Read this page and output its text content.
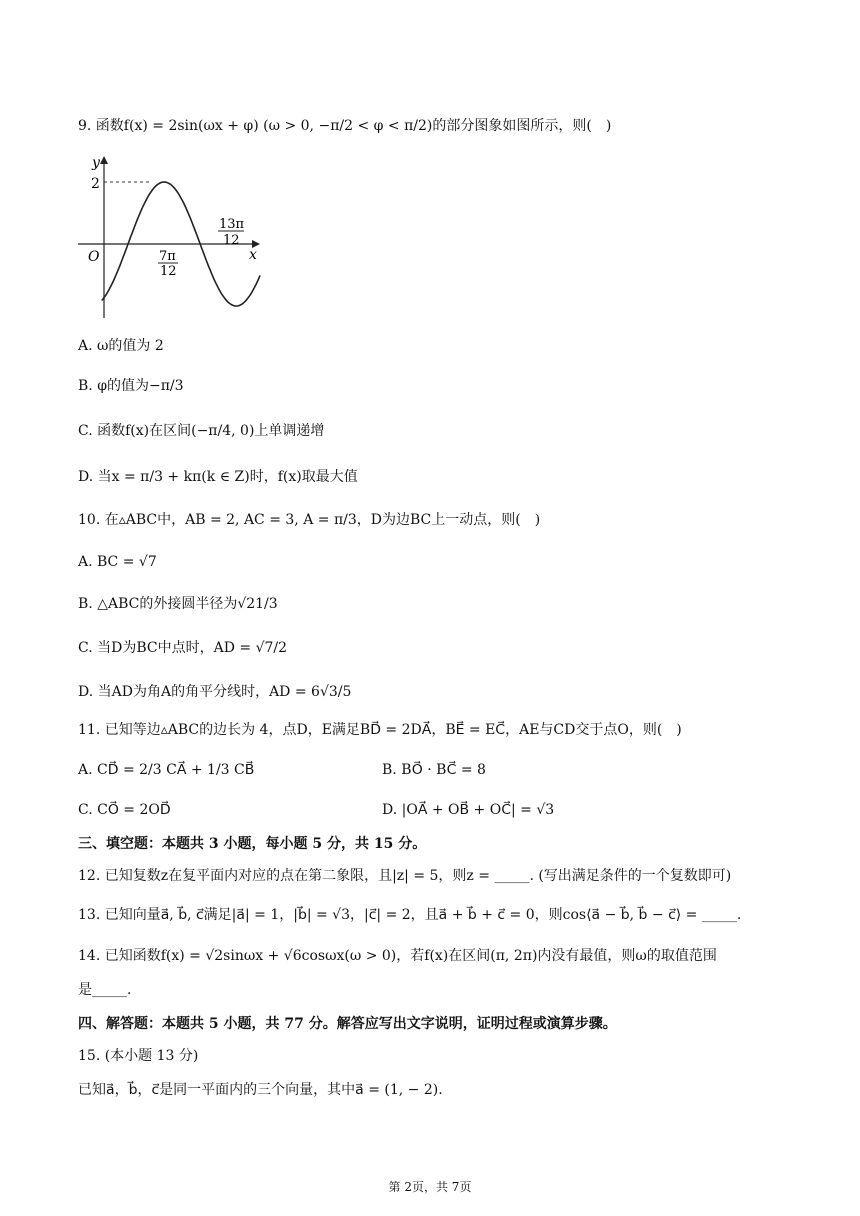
9. 函数f(x) = 2sin(ωx + φ) (ω > 0, −π/2 < φ < π/2)的部分图象如图所示，则(　)
y
2
O	x
7π
12
13π
12
A. ω的值为 2
B. φ的值为−π/3
C. 函数f(x)在区间(−π/4, 0)上单调递增
D. 当x = π/3 + kπ(k ∈ Z)时，f(x)取最大值
10. 在▵ABC中，AB = 2, AC = 3, A = π/3，D为边BC上一动点，则(　)
A. BC = √7
B. △ABC的外接圆半径为√21/3
C. 当D为BC中点时，AD = √7/2
D. 当AD为角A的角平分线时，AD = 6√3/5
11. 已知等边▵ABC的边长为 4，点D，E满足BD⃗ = 2DA⃗，BE⃗ = EC⃗，AE与CD交于点O，则(　)
A. CD⃗ = 2/3 CA⃗ + 1/3 CB⃗	B. BO⃗ · BC⃗ = 8
C. CO⃗ = 2OD⃗	D. |OA⃗ + OB⃗ + OC⃗| = √3
三、填空题：本题共 3 小题，每小题 5 分，共 15 分。
12. 已知复数z在复平面内对应的点在第二象限，且|z| = 5，则z = _____. (写出满足条件的一个复数即可)
13. 已知向量a⃗, b⃗, c⃗满足|a⃗| = 1，|b⃗| = √3，|c⃗| = 2，且a⃗ + b⃗ + c⃗ = 0，则cos⟨a⃗ − b⃗, b⃗ − c⃗⟩ = _____.
14. 已知函数f(x) = √2sinωx + √6cosωx(ω > 0)，若f(x)在区间(π, 2π)内没有最值，则ω的取值范围
是_____.
四、解答题：本题共 5 小题，共 77 分。解答应写出文字说明，证明过程或演算步骤。
15. (本小题 13 分)
已知a⃗，b⃗，c⃗是同一平面内的三个向量，其中a⃗ = (1, − 2).
第 2页，共 7页
